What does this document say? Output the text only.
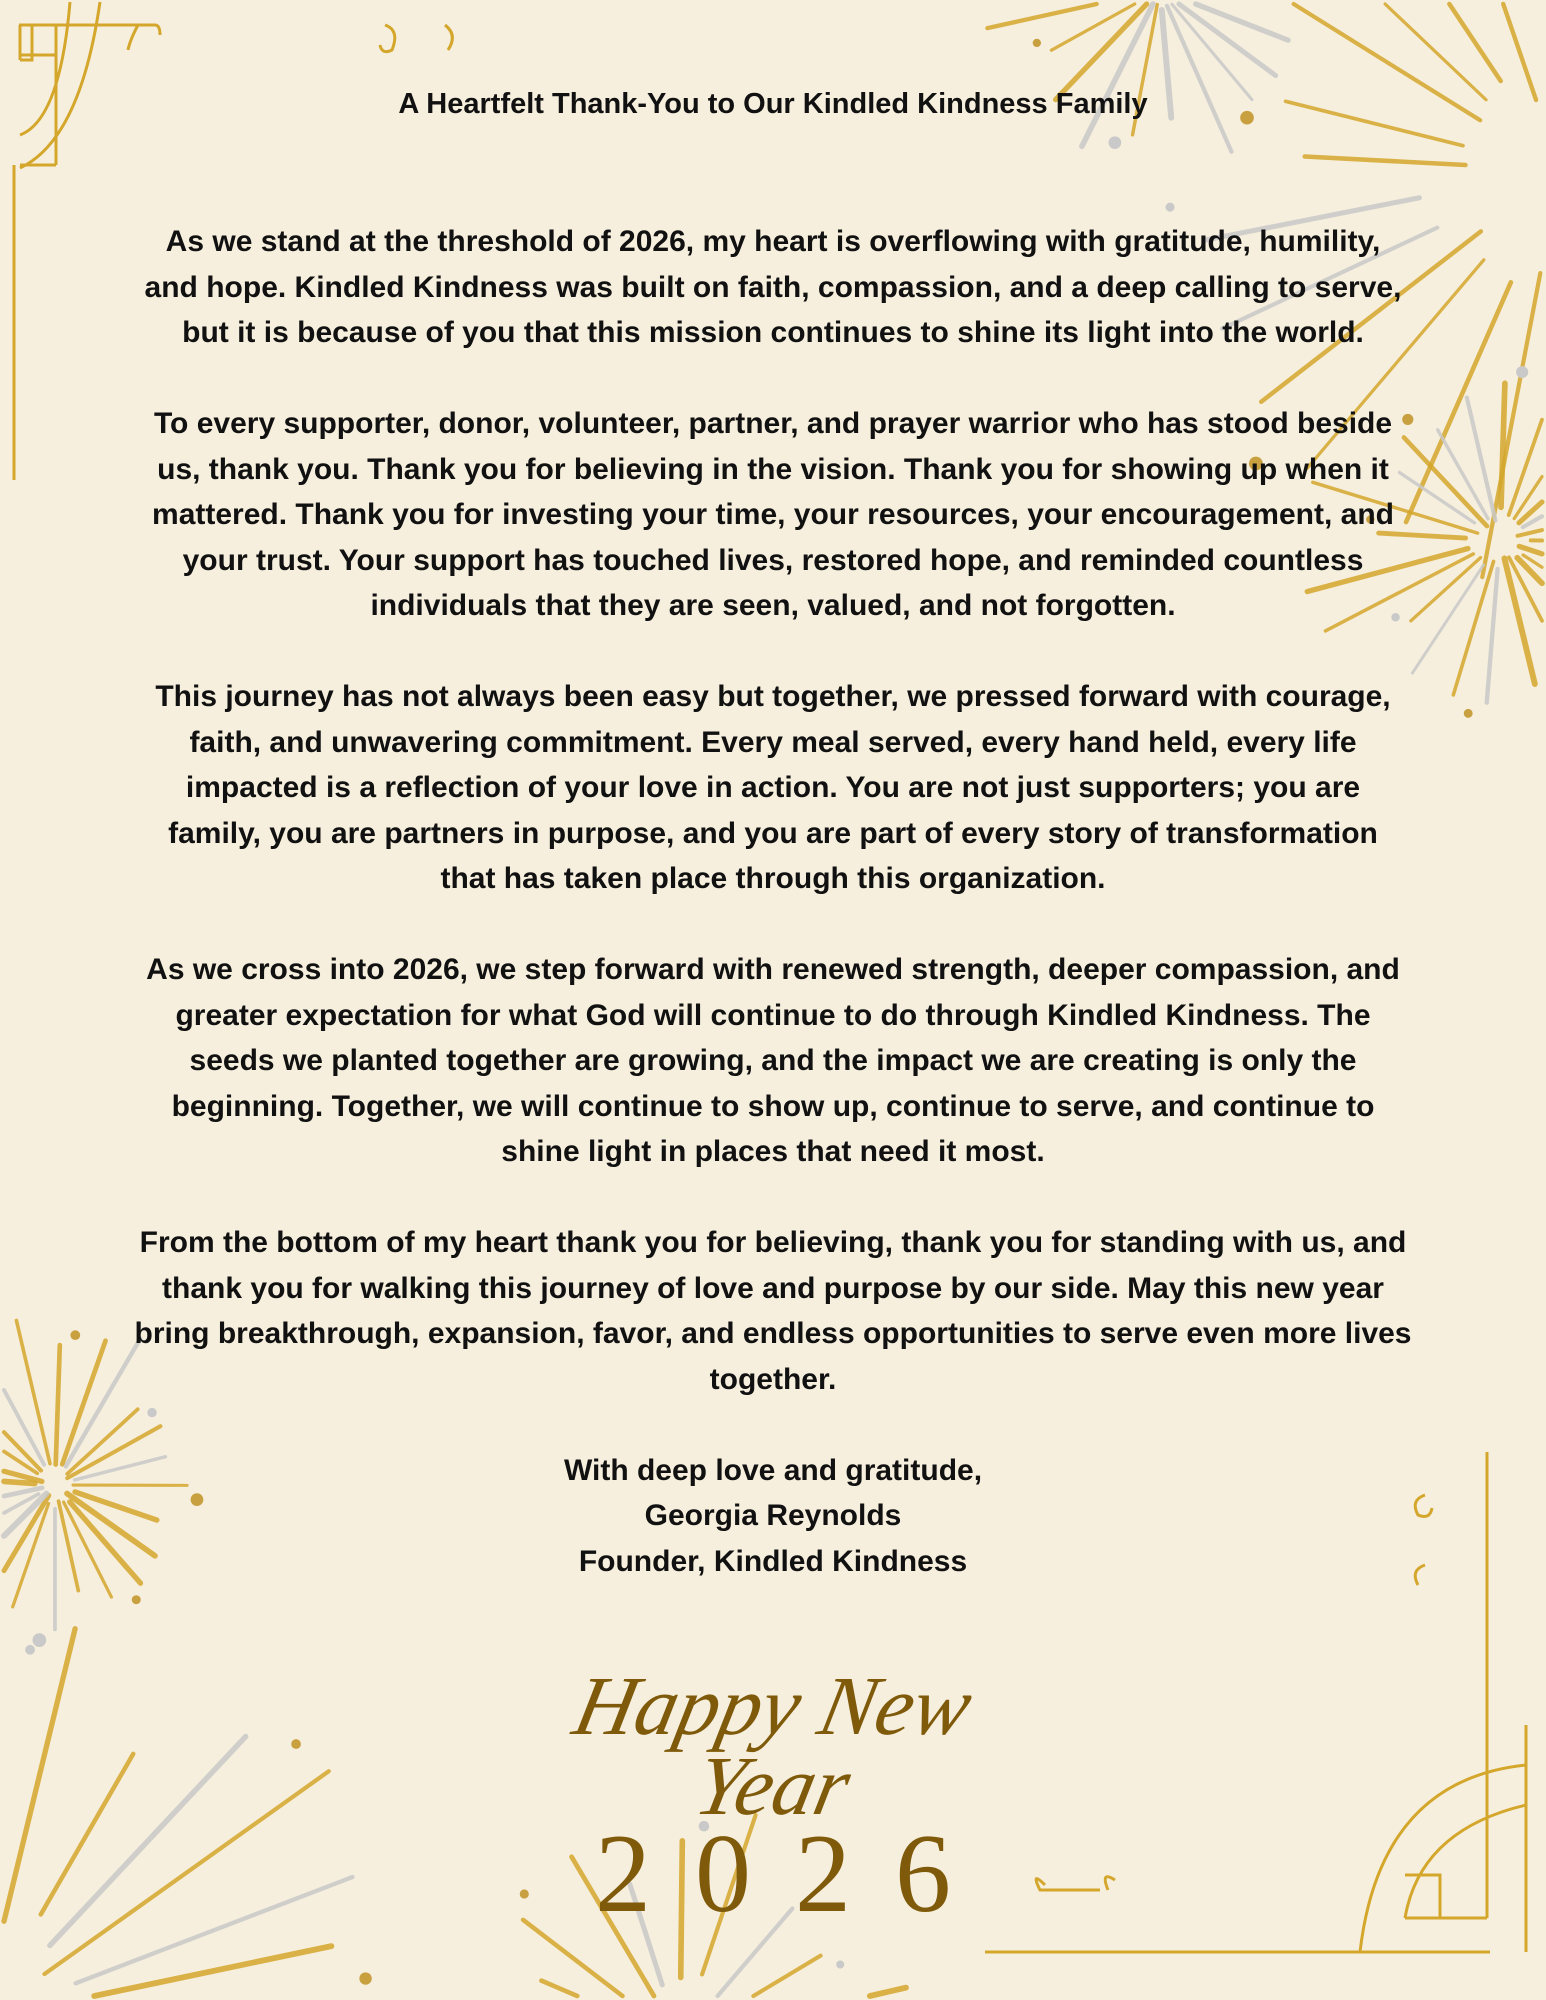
A Heartfelt Thank-You to Our Kindled Kindness Family
As we stand at the threshold of 2026, my heart is overflowing with gratitude, humility,
and hope. Kindled Kindness was built on faith, compassion, and a deep calling to serve,
but it is because of you that this mission continues to shine its light into the world.
To every supporter, donor, volunteer, partner, and prayer warrior who has stood beside
us, thank you. Thank you for believing in the vision. Thank you for showing up when it
mattered. Thank you for investing your time, your resources, your encouragement, and
your trust. Your support has touched lives, restored hope, and reminded countless
individuals that they are seen, valued, and not forgotten.
This journey has not always been easy but together, we pressed forward with courage,
faith, and unwavering commitment. Every meal served, every hand held, every life
impacted is a reflection of your love in action. You are not just supporters; you are
family, you are partners in purpose, and you are part of every story of transformation
that has taken place through this organization.
As we cross into 2026, we step forward with renewed strength, deeper compassion, and
greater expectation for what God will continue to do through Kindled Kindness. The
seeds we planted together are growing, and the impact we are creating is only the
beginning. Together, we will continue to show up, continue to serve, and continue to
shine light in places that need it most.
From the bottom of my heart thank you for believing, thank you for standing with us, and
thank you for walking this journey of love and purpose by our side. May this new year
bring breakthrough, expansion, favor, and endless opportunities to serve even more lives
together.
With deep love and gratitude,
Georgia Reynolds
Founder, Kindled Kindness
Happy New
Year
2026
